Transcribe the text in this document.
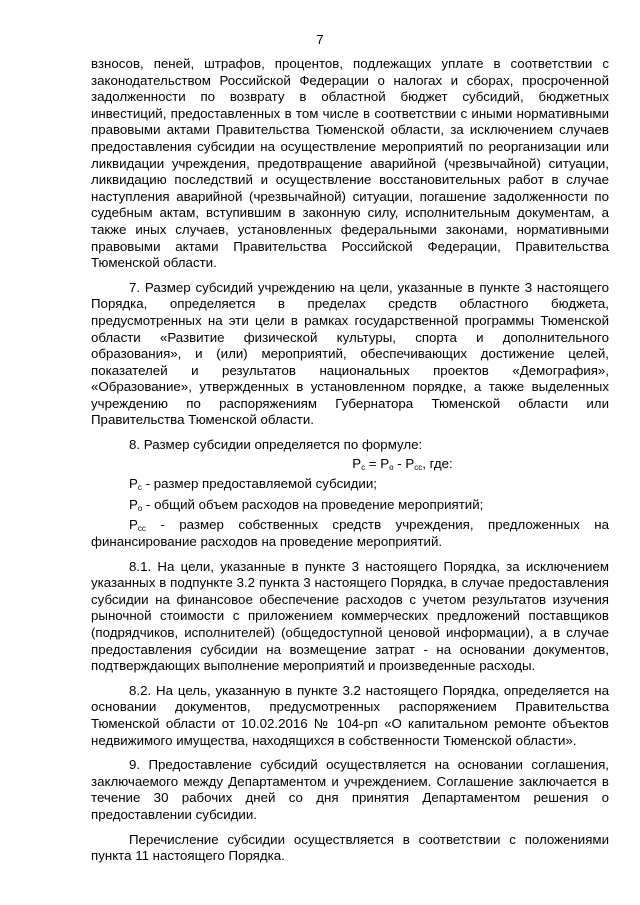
7

взносов, пеней, штрафов, процентов, подлежащих уплате в соответствии с законодательством Российской Федерации о налогах и сборах, просроченной задолженности по возврату в областной бюджет субсидий, бюджетных инвестиций, предоставленных в том числе в соответствии с иными нормативными правовыми актами Правительства Тюменской области, за исключением случаев предоставления субсидии на осуществление мероприятий по реорганизации или ликвидации учреждения, предотвращение аварийной (чрезвычайной) ситуации, ликвидацию последствий и осуществление восстановительных работ в случае наступления аварийной (чрезвычайной) ситуации, погашение задолженности по судебным актам, вступившим в законную силу, исполнительным документам, а также иных случаев, установленных федеральными законами, нормативными правовыми актами Правительства Российской Федерации, Правительства Тюменской области.

7. Размер субсидий учреждению на цели, указанные в пункте 3 настоящего Порядка, определяется в пределах средств областного бюджета, предусмотренных на эти цели в рамках государственной программы Тюменской области «Развитие физической культуры, спорта и дополнительного образования», и (или) мероприятий, обеспечивающих достижение целей, показателей и результатов национальных проектов «Демография», «Образование», утвержденных в установленном порядке, а также выделенных учреждению по распоряжениям Губернатора Тюменской области или Правительства Тюменской области.

8. Размер субсидии определяется по формуле:

$P_с = P_о - P_{сс}$, где:

$P_с$ - размер предоставляемой субсидии;

$P_о$ - общий объем расходов на проведение мероприятий;

$P_{сс}$ - размер собственных средств учреждения, предложенных на финансирование расходов на проведение мероприятий.

8.1. На цели, указанные в пункте 3 настоящего Порядка, за исключением указанных в подпункте 3.2 пункта 3 настоящего Порядка, в случае предоставления субсидии на финансовое обеспечение расходов с учетом результатов изучения рыночной стоимости с приложением коммерческих предложений поставщиков (подрядчиков, исполнителей) (общедоступной ценовой информации), а в случае предоставления субсидии на возмещение затрат - на основании документов, подтверждающих выполнение мероприятий и произведенные расходы.

8.2. На цель, указанную в пункте 3.2 настоящего Порядка, определяется на основании документов, предусмотренных распоряжением Правительства Тюменской области от 10.02.2016 № 104-рп «О капитальном ремонте объектов недвижимого имущества, находящихся в собственности Тюменской области».

9. Предоставление субсидий осуществляется на основании соглашения, заключаемого между Департаментом и учреждением. Соглашение заключается в течение 30 рабочих дней со дня принятия Департаментом решения о предоставлении субсидии.

Перечисление субсидии осуществляется в соответствии с положениями пункта 11 настоящего Порядка.
